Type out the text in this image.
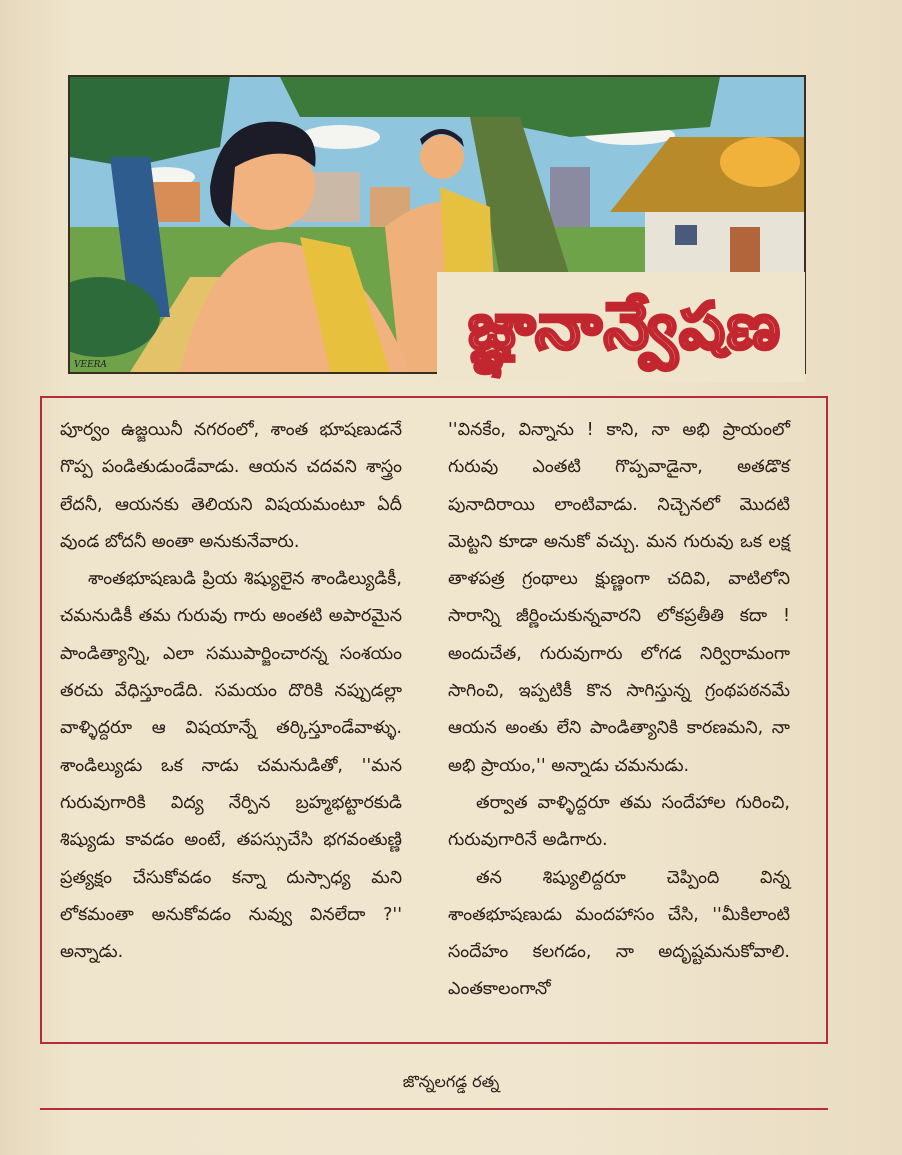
VEERA
జ్ఞానాన్వేషణ

పూర్వం ఉజ్జయినీ నగరంలో, శాంత భూషణుడనే గొప్ప పండితుడుండేవాడు. ఆయన చదవని శాస్త్రం లేదనీ, ఆయనకు తెలియని విషయమంటూ ఏదీ వుండ బోదనీ అంతా అనుకునేవారు.

శాంతభూషణుడి ప్రియ శిష్యులైన శాండిల్యుడికీ, చమనుడికీ తమ గురువు గారు అంతటి అపారమైన పాండిత్యాన్ని, ఎలా సముపార్జించారన్న సంశయం తరచు వేధిస్తూండేది. సమయం దొరికి నప్పుడల్లా వాళ్ళిద్దరూ ఆ విషయాన్నే తర్కిస్తూండేవాళ్ళు. శాండిల్యుడు ఒక నాడు చమనుడితో, ''మన గురువుగారికి విద్య నేర్పిన బ్రహ్మభట్టారకుడి శిష్యుడు కావడం అంటే, తపస్సుచేసి భగవంతుణ్ణి ప్రత్యక్షం చేసుకోవడం కన్నా దుస్సాధ్య మని లోకమంతా అనుకోవడం నువ్వు వినలేదా ?'' అన్నాడు.

''వినకేం, విన్నాను ! కాని, నా అభి ప్రాయంలో గురువు ఎంతటి గొప్పవాడైనా, అతడొక పునాదిరాయి లాంటివాడు. నిచ్చెనలో మొదటి మెట్టని కూడా అనుకో వచ్చు. మన గురువు ఒక లక్ష తాళపత్ర గ్రంథాలు క్షుణ్ణంగా చదివి, వాటిలోని సారాన్ని జీర్ణించుకున్నవారని లోకప్రతీతి కదా ! అందుచేత, గురువుగారు లోగడ నిర్విరామంగా సాగించి, ఇప్పటికీ కొన సాగిస్తున్న గ్రంథపఠనమే ఆయన అంతు లేని పాండిత్యానికి కారణమని, నా అభి ప్రాయం,'' అన్నాడు చమనుడు.

తర్వాత వాళ్ళిద్దరూ తమ సందేహాల గురించి, గురువుగారినే అడిగారు.

తన శిష్యులిద్దరూ చెప్పింది విన్న శాంతభూషణుడు మందహాసం చేసి, ''మీకిలాంటి సందేహం కలగడం, నా అదృష్టమనుకోవాలి. ఎంతకాలంగానో

జొన్నలగడ్డ రత్న
